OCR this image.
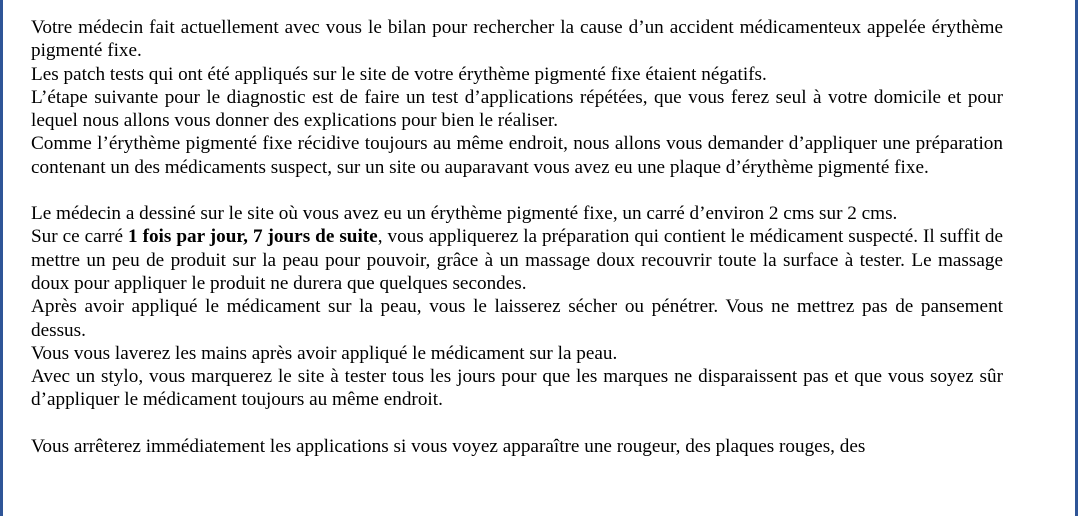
Votre médecin fait actuellement avec vous le bilan pour rechercher la cause d’un accident médicamenteux appelée érythème pigmenté fixe.

Les patch tests qui ont été appliqués sur le site de votre érythème pigmenté fixe étaient négatifs.

L’étape suivante pour le diagnostic est de faire un test d’applications répétées, que vous ferez seul à votre domicile et pour lequel nous allons vous donner des explications pour bien le réaliser.

Comme l’érythème pigmenté fixe récidive toujours au même endroit, nous allons vous demander d’appliquer une préparation contenant un des médicaments suspect, sur un site ou auparavant vous avez eu une plaque d’érythème pigmenté fixe.

Le médecin a dessiné sur le site où vous avez eu un érythème pigmenté fixe, un carré d’environ 2 cms sur 2 cms.

Sur ce carré 1 fois par jour, 7 jours de suite, vous appliquerez la préparation qui contient le médicament suspecté. Il suffit de mettre un peu de produit sur la peau pour pouvoir, grâce à un massage doux recouvrir toute la surface à tester. Le massage doux pour appliquer le produit ne durera que quelques secondes.

Après avoir appliqué le médicament sur la peau, vous le laisserez sécher ou pénétrer. Vous ne mettrez pas de pansement dessus.

Vous vous laverez les mains après avoir appliqué le médicament sur la peau.

Avec un stylo, vous marquerez le site à tester tous les jours pour que les marques ne disparaissent pas et que vous soyez sûr d’appliquer le médicament toujours au même endroit.

Vous arrêterez immédiatement les applications si vous voyez apparaître une rougeur, des plaques rouges, des
